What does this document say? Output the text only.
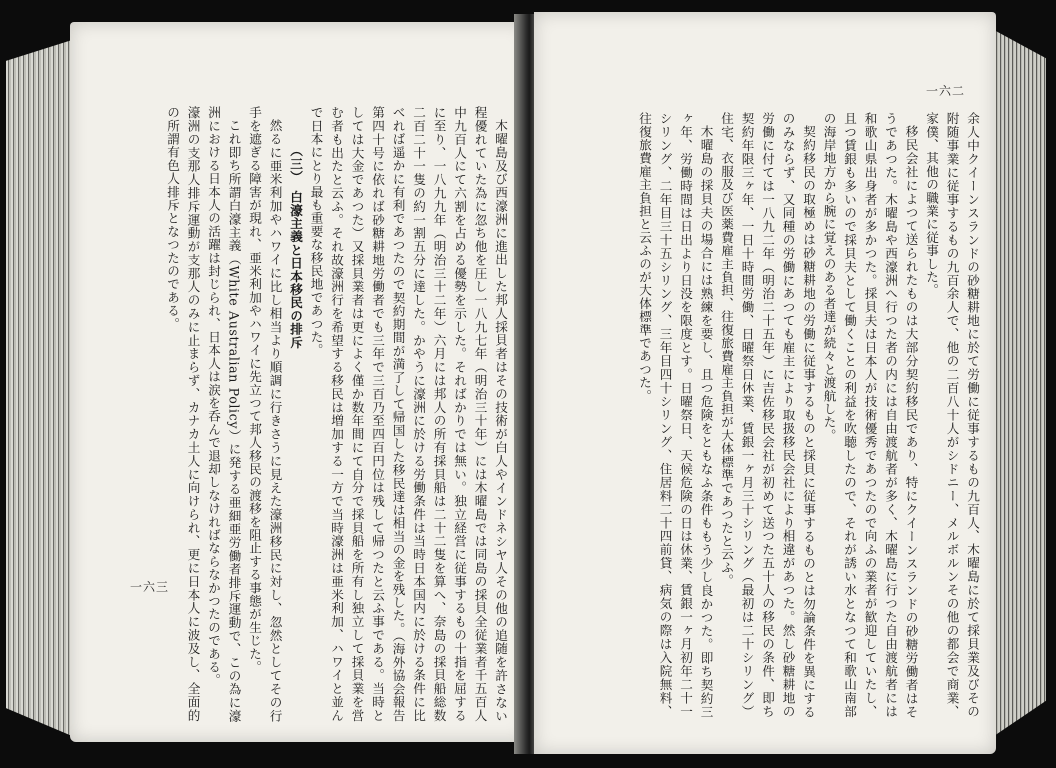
木曜島及び西濠洲に進出した邦人採貝者はその技術が白人やインドネシヤ人その他の追随を許さない程優れていた為に忽ち他を圧し一八九七年（明治三十年）には木曜島では同島の採貝全従業者千五百人中九百人にて六割を占める優勢を示した。そればかりでは無い。独立経営に従事するもの十指を屈するに至り、一八九九年（明治三十二年）六月には邦人の所有採貝船は二十二隻を算へ、奈島の採貝船総数二百二十一隻の約一割五分に達した。かやうに濠洲に於ける労働条件は当時日本国内に於ける条件に比べれば遥かに有利であつたので契約期間が満了して帰国した移民達は相当の金を残した。（海外協会報告第四十号に依れば砂糖耕地労働者でも三年で三百乃至四百円位は残して帰つたと云ふ事である。当時としては大金であつた）又採貝業者は更によく僅か数年間にて自分で採貝船を所有し独立して採貝業を営む者も出たと云ふ。それ故濠洲行を希望する移民は増加する一方で当時濠洲は亜米利加、ハワイと並んで日本にとり最も重要な移民地であつた。

（三）　白濠主義と日本移民の排斥

然るに亜米利加やハワイに比し相当より順調に行きさうに見えた濠洲移民に対し、忽然としてその行手を遮ぎる障害が現れ、亜米利加やハワイに先立つて邦人移民の渡移を阻止する事態が生じた。

これ即ち所謂白濠主義（White Australian Policy）に発する亜細亜労働者排斥運動で、この為に濠洲における日本人の活躍は封じられ、日本人は涙を呑んで退却しなければならなかつたのである。

濠洲の支那人排斥運動が支那人のみに止まらず、カナカ土人に向けられ、更に日本人に波及し、全面的の所謂有色人排斥となつたのである。

一六三	余人中クイーンスランドの砂糖耕地に於て労働に従事するもの九百人、木曜島に於て採貝業及びその附随事業に従事するもの九百余人で、他の二百八十人がシドニー、メルボルンその他の都会で商業、家僕、其他の職業に従事した。

移民会社によつて送られたものは大部分契約移民であり、特にクイーンスランドの砂糖労働者はそうであつた。木曜島や西濠洲へ行つた者の内には自由渡航者が多く、木曜島に行つた自由渡航者には和歌山県出身者が多かつた。採貝夫は日本人が技術優秀であつたので向ふの業者が歓迎していたし、且つ賃銀も多いので採貝夫として働くことの利益を吹聴したので、それが誘い水となつて和歌山南部の海岸地方から腕に覚えのある者達が続々と渡航した。

契約移民の取極めは砂糖耕地の労働に従事するものと採貝に従事するものとは勿論条件を異にするのみならず、又同種の労働にあつても雇主により取扱移民会社により相違があつた。然し砂糖耕地の労働に付ては一八九二年（明治二十五年）に吉佐移民会社が初めて送つた五十人の移民の条件、即ち契約年限三ヶ年、一日十時間労働、日曜祭日休業、賃銀一ヶ月三十シリング（最初は二十シリング）住宅、衣服及び医薬費雇主負担、往復旅費雇主負担が大体標準であつたと云ふ。

木曜島の採貝夫の場合には熟練を要し、且つ危険をともなふ条件ももう少し良かつた。即ち契約三ヶ年、労働時間は日出より日没を限度とす。日曜祭日、天候危険の日は休業、賃銀一ヶ月初年二十一シリング、二年目三十五シリング、三年目四十シリング、住居料二十四前貸、病気の際は入院無料、往復旅費雇主負担と云ふのが大体標準であつた。

一六二
